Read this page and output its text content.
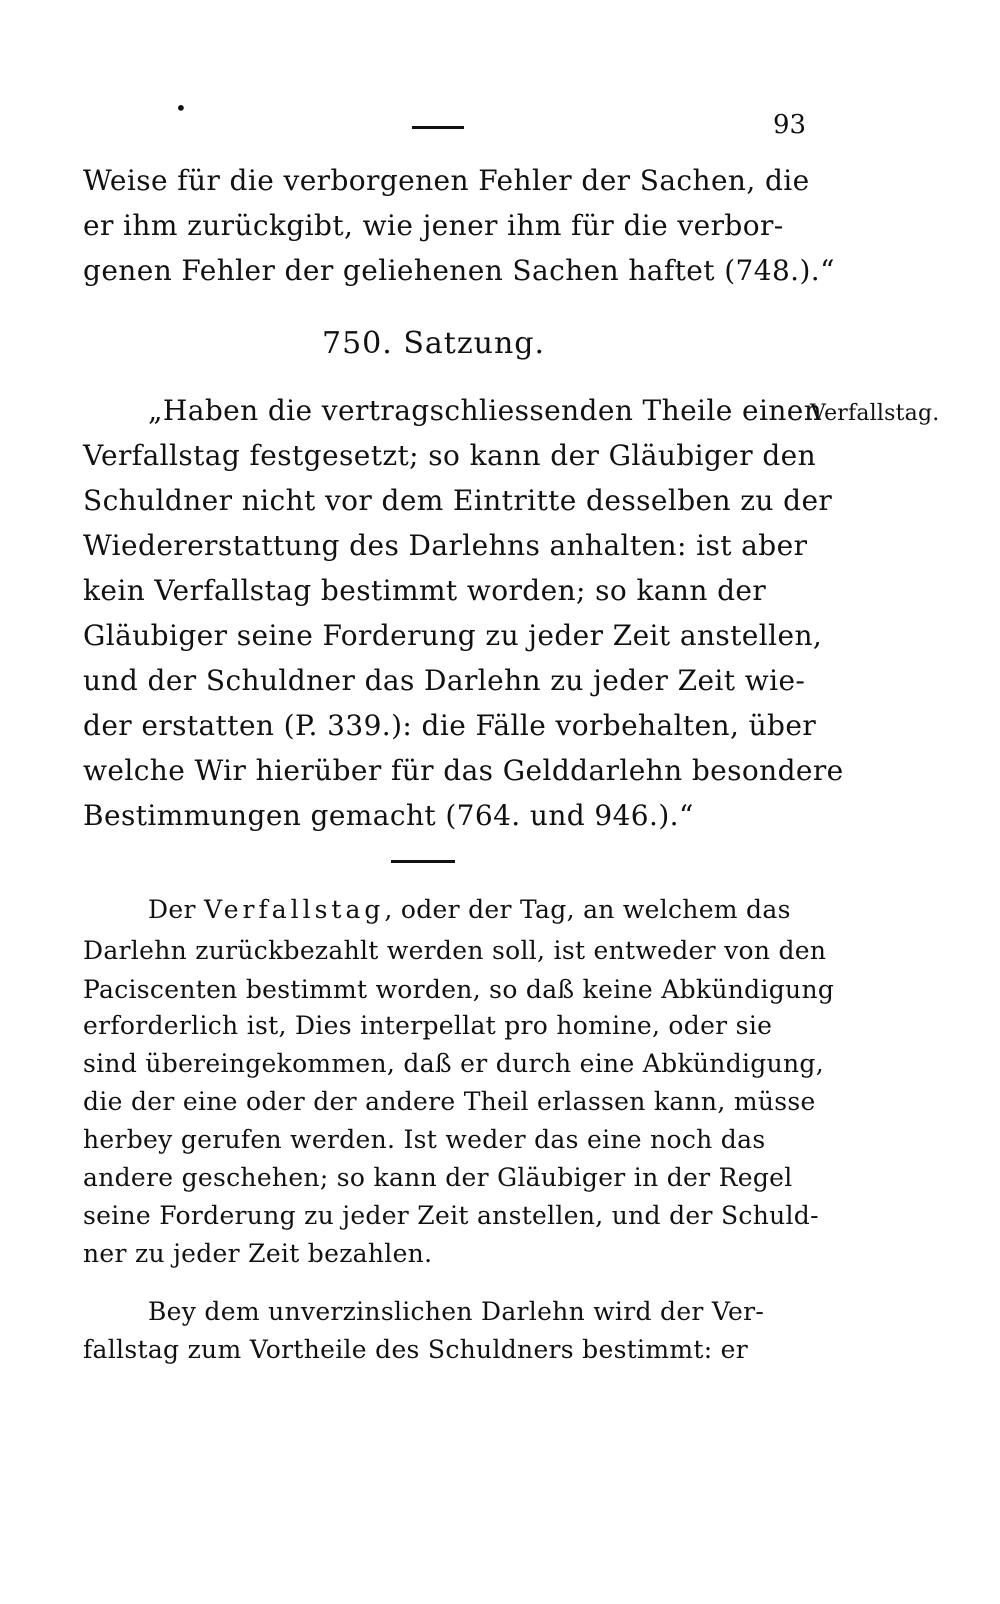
•
93
Weise für die verborgenen Fehler der Sachen, die
er ihm zurückgibt, wie jener ihm für die verbor-
genen Fehler der geliehenen Sachen haftet (748.).“
750. Satzung.
Verfallstag.
„Haben die vertragschliessenden Theile einen
Verfallstag festgesetzt; so kann der Gläubiger den
Schuldner nicht vor dem Eintritte desselben zu der
Wiedererstattung des Darlehns anhalten: ist aber
kein Verfallstag bestimmt worden; so kann der
Gläubiger seine Forderung zu jeder Zeit anstellen,
und der Schuldner das Darlehn zu jeder Zeit wie-
der erstatten (P. 339.): die Fälle vorbehalten, über
welche Wir hierüber für das Gelddarlehn besondere
Bestimmungen gemacht (764. und 946.).“
Der Verfallstag, oder der Tag, an welchem das
Darlehn zurückbezahlt werden soll, ist entweder von den
Paciscenten bestimmt worden, so daß keine Abkündigung
erforderlich ist, Dies interpellat pro homine, oder sie
sind übereingekommen, daß er durch eine Abkündigung,
die der eine oder der andere Theil erlassen kann, müsse
herbey gerufen werden. Ist weder das eine noch das
andere geschehen; so kann der Gläubiger in der Regel
seine Forderung zu jeder Zeit anstellen, und der Schuld-
ner zu jeder Zeit bezahlen.
Bey dem unverzinslichen Darlehn wird der Ver-
fallstag zum Vortheile des Schuldners bestimmt: er
